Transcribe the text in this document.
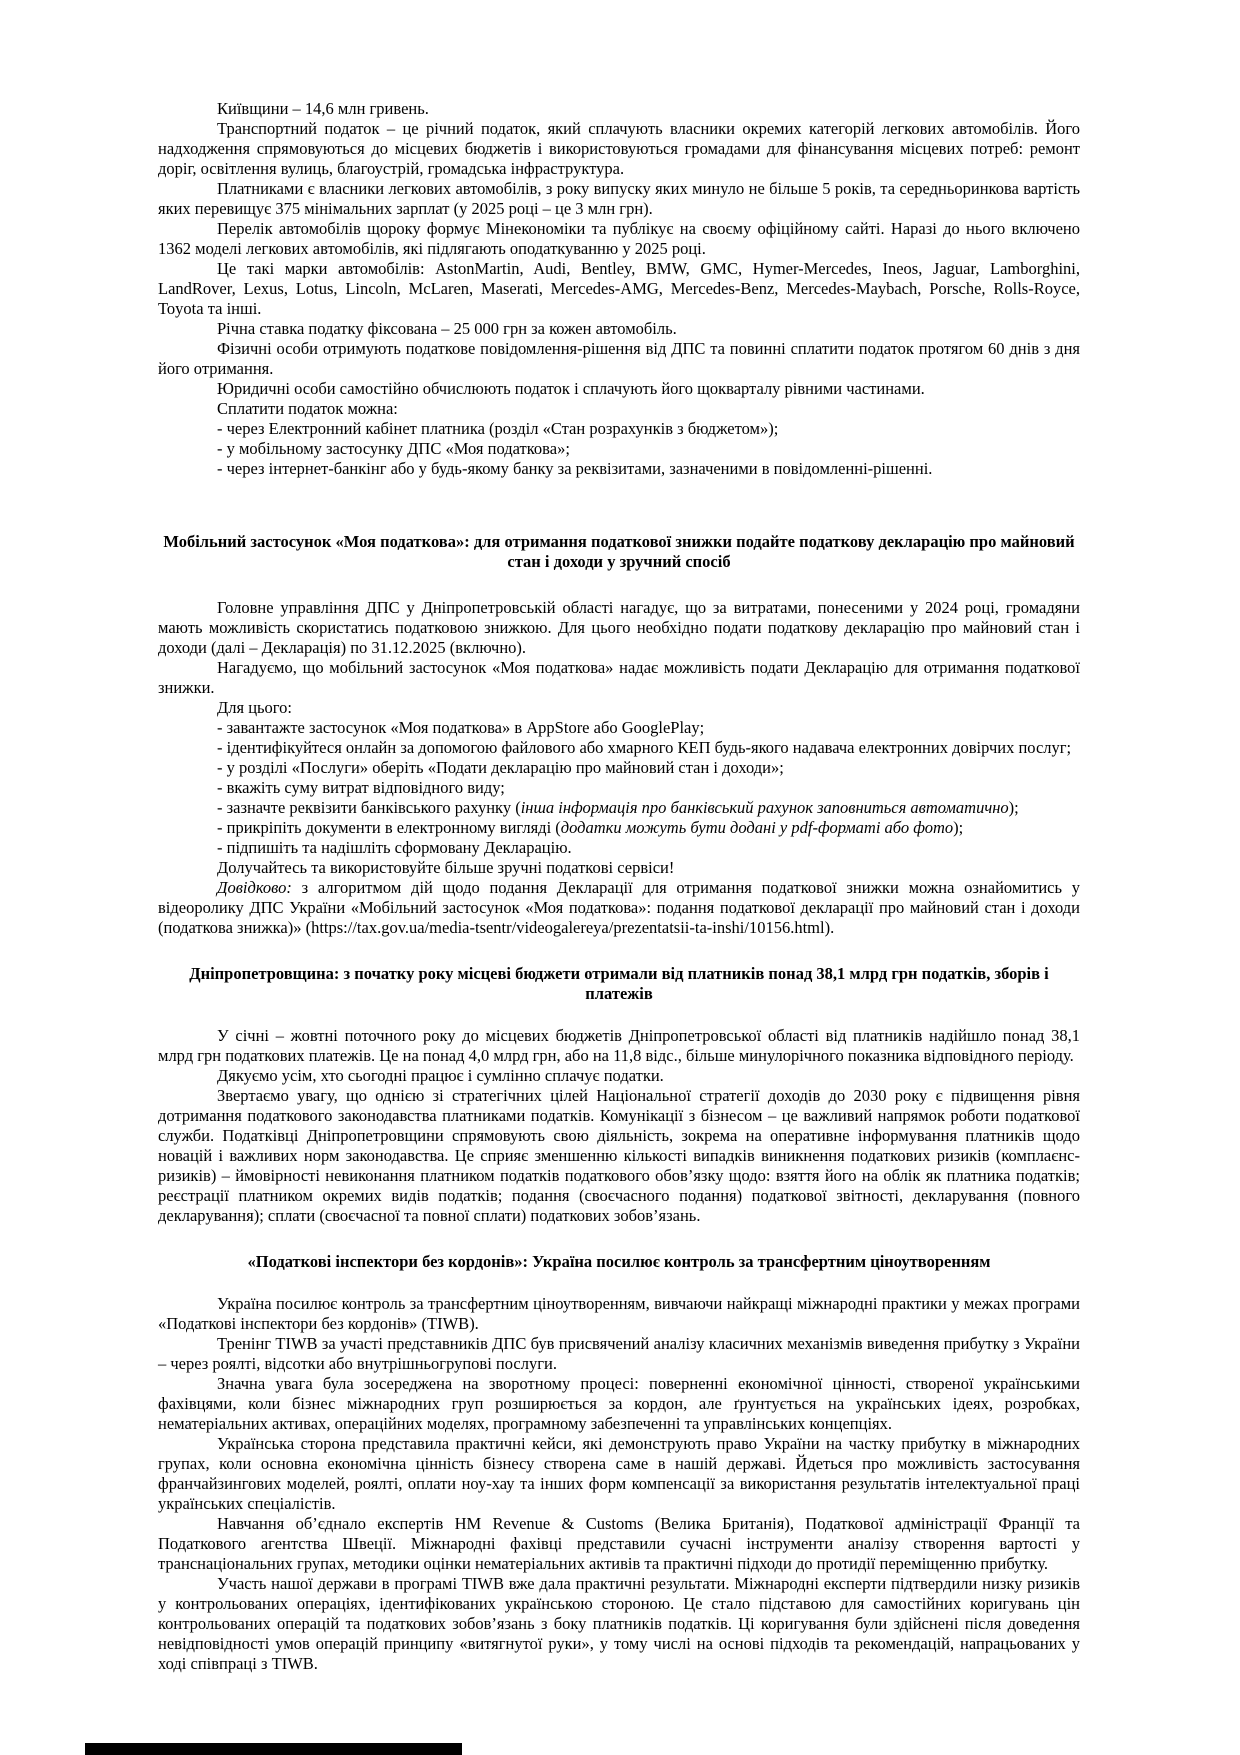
Київщини – 14,6 млн гривень.

Транспортний податок – це річний податок, який сплачують власники окремих категорій легкових автомобілів. Його надходження спрямовуються до місцевих бюджетів і використовуються громадами для фінансування місцевих потреб: ремонт доріг, освітлення вулиць, благоустрій, громадська інфраструктура.

Платниками є власники легкових автомобілів, з року випуску яких минуло не більше 5 років, та середньоринкова вартість яких перевищує 375 мінімальних зарплат (у 2025 році – це 3 млн грн).

Перелік автомобілів щороку формує Мінекономіки та публікує на своєму офіційному сайті. Наразі до нього включено 1362 моделі легкових автомобілів, які підлягають оподаткуванню у 2025 році.

Це такі марки автомобілів: AstonMartin, Audi, Bentley, BMW, GMC, Hymer-Mercedes, Ineos, Jaguar, Lamborghini, LandRover, Lexus, Lotus, Lincoln, McLaren, Maserati, Mercedes-AMG, Mercedes-Benz, Mercedes-Maybach, Porsche, Rolls-Royce, Toyota та інші.

Річна ставка податку фіксована – 25 000 грн за кожен автомобіль.

Фізичні особи отримують податкове повідомлення-рішення від ДПС та повинні сплатити податок протягом 60 днів з дня його отримання.

Юридичні особи самостійно обчислюють податок і сплачують його щокварталу рівними частинами.

Сплатити податок можна:

- через Електронний кабінет платника (розділ «Стан розрахунків з бюджетом»);

- у мобільному застосунку ДПС «Моя податкова»;

- через інтернет-банкінг або у будь-якому банку за реквізитами, зазначеними в повідомленні-рішенні.

Мобільний застосунок «Моя податкова»: для отримання податкової знижки подайте податкову декларацію про майновий стан і доходи у зручний спосіб

Головне управління ДПС у Дніпропетровській області нагадує, що за витратами, понесеними у 2024 році, громадяни мають можливість скористатись податковою знижкою. Для цього необхідно подати податкову декларацію про майновий стан і доходи (далі – Декларація) по 31.12.2025 (включно).

Нагадуємо, що мобільний застосунок «Моя податкова» надає можливість подати Декларацію для отримання податкової знижки.

Для цього:

- завантажте застосунок «Моя податкова» в AppStore або GooglePlay;

- ідентифікуйтеся онлайн за допомогою файлового або хмарного КЕП будь-якого надавача електронних довірчих послуг;

- у розділі «Послуги» оберіть «Подати декларацію про майновий стан і доходи»;

- вкажіть суму витрат відповідного виду;

- зазначте реквізити банківського рахунку (інша інформація про банківський рахунок заповниться автоматично);

- прикріпіть документи в електронному вигляді (додатки можуть бути додані у pdf-форматі або фото);

- підпишіть та надішліть сформовану Декларацію.

Долучайтесь та використовуйте більше зручні податкові сервіси!

Довідково: з алгоритмом дій щодо подання Декларації для отримання податкової знижки можна ознайомитись у відеоролику ДПС України «Мобільний застосунок «Моя податкова»: подання податкової декларації про майновий стан і доходи (податкова знижка)» (https://tax.gov.ua/media-tsentr/videogalereya/prezentatsii-ta-inshi/10156.html).

Дніпропетровщина: з початку року місцеві бюджети отримали від платників понад 38,1 млрд грн податків, зборів і платежів

У січні – жовтні поточного року до місцевих бюджетів Дніпропетровської області від платників надійшло понад 38,1 млрд грн податкових платежів. Це на понад 4,0 млрд грн, або на 11,8 відс., більше минулорічного показника відповідного періоду.

Дякуємо усім, хто сьогодні працює і сумлінно сплачує податки.

Звертаємо увагу, що однією зі стратегічних цілей Національної стратегії доходів до 2030 року є підвищення рівня дотримання податкового законодавства платниками податків. Комунікації з бізнесом – це важливий напрямок роботи податкової служби. Податківці Дніпропетровщини спрямовують свою діяльність, зокрема на оперативне інформування платників щодо новацій і важливих норм законодавства. Це сприяє зменшенню кількості випадків виникнення податкових ризиків (комплаєнс-ризиків) – ймовірності невиконання платником податків податкового обов’язку щодо: взяття його на облік як платника податків; реєстрації платником окремих видів податків; подання (своєчасного подання) податкової звітності, декларування (повного декларування); сплати (своєчасної та повної сплати) податкових зобов’язань.

«Податкові інспектори без кордонів»: Україна посилює контроль за трансфертним ціноутворенням

Україна посилює контроль за трансфертним ціноутворенням, вивчаючи найкращі міжнародні практики у межах програми «Податкові інспектори без кордонів» (TIWB).

Тренінг TIWB за участі представників ДПС був присвячений аналізу класичних механізмів виведення прибутку з України – через роялті, відсотки або внутрішньогрупові послуги.

Значна увага була зосереджена на зворотному процесі: поверненні економічної цінності, створеної українськими фахівцями, коли бізнес міжнародних груп розширюється за кордон, але ґрунтується на українських ідеях, розробках, нематеріальних активах, операційних моделях, програмному забезпеченні та управлінських концепціях.

Українська сторона представила практичні кейси, які демонструють право України на частку прибутку в міжнародних групах, коли основна економічна цінність бізнесу створена саме в нашій державі. Йдеться про можливість застосування франчайзингових моделей, роялті, оплати ноу-хау та інших форм компенсації за використання результатів інтелектуальної праці українських спеціалістів.

Навчання об’єднало експертів HM Revenue & Customs (Велика Британія), Податкової адміністрації Франції та Податкового агентства Швеції. Міжнародні фахівці представили сучасні інструменти аналізу створення вартості у транснаціональних групах, методики оцінки нематеріальних активів та практичні підходи до протидії переміщенню прибутку.

Участь нашої держави в програмі TIWB вже дала практичні результати. Міжнародні експерти підтвердили низку ризиків у контрольованих операціях, ідентифікованих українською стороною. Це стало підставою для самостійних коригувань цін контрольованих операцій та податкових зобов’язань з боку платників податків. Ці коригування були здійснені після доведення невідповідності умов операцій принципу «витягнутої руки», у тому числі на основі підходів та рекомендацій, напрацьованих у ході співпраці з TIWB.
